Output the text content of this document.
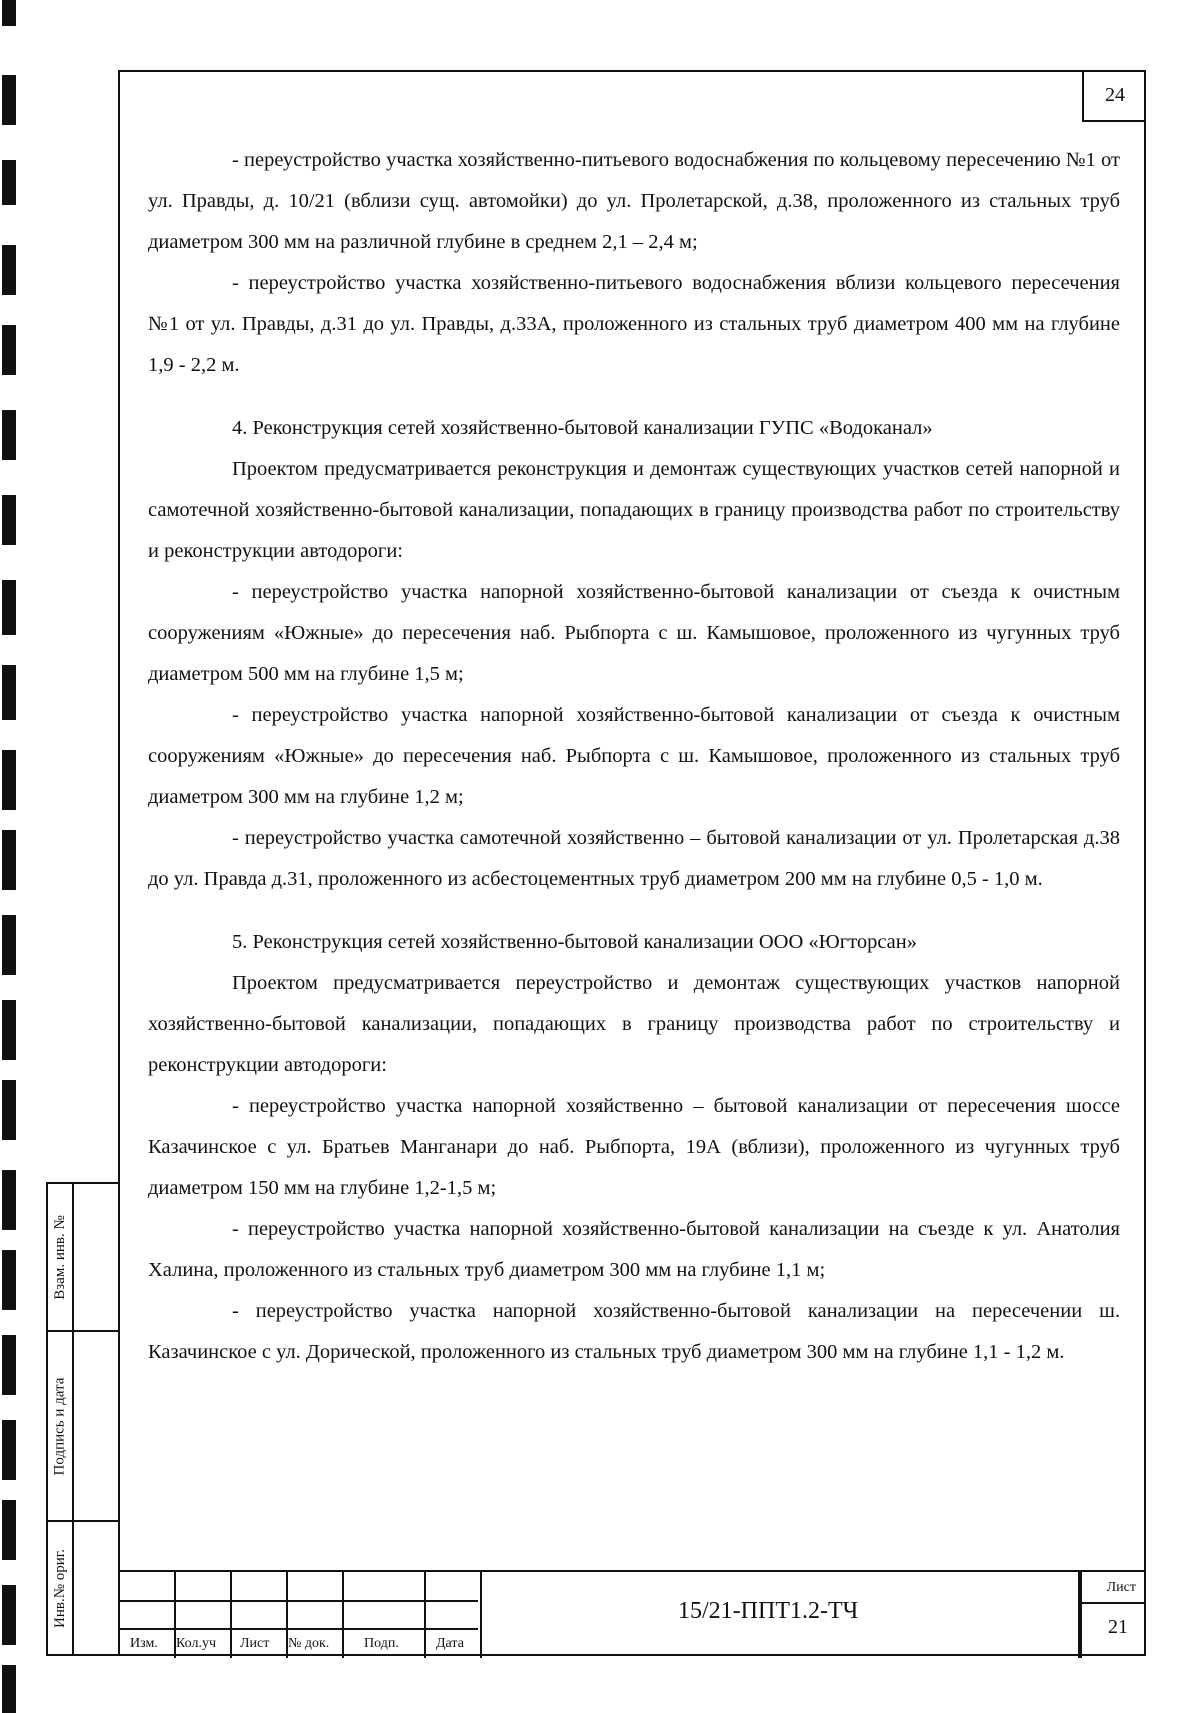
Взам. инв. №
Подпись и дата
Инв.№ ориг.
24

- переустройство участка хозяйственно-питьевого водоснабжения по кольцевому пересечению №1 от ул. Правды, д. 10/21 (вблизи сущ. автомойки) до ул. Пролетарской, д.38, проложенного из стальных труб диаметром 300 мм на различной глубине в среднем 2,1 – 2,4 м;

- переустройство участка хозяйственно-питьевого водоснабжения вблизи кольцевого пересечения №1 от ул. Правды, д.31 до ул. Правды, д.33А, проложенного из стальных труб диаметром 400 мм на глубине 1,9 - 2,2 м.

4. Реконструкция сетей хозяйственно-бытовой канализации ГУПС «Водоканал»

Проектом предусматривается реконструкция и демонтаж существующих участков сетей напорной и самотечной хозяйственно-бытовой канализации, попадающих в границу производства работ по строительству и реконструкции автодороги:

- переустройство участка напорной хозяйственно-бытовой канализации от съезда к очистным сооружениям «Южные» до пересечения наб. Рыбпорта с ш. Камышовое, проложенного из чугунных труб диаметром 500 мм на глубине 1,5 м;

- переустройство участка напорной хозяйственно-бытовой канализации от съезда к очистным сооружениям «Южные» до пересечения наб. Рыбпорта с ш. Камышовое, проложенного из стальных труб диаметром 300 мм на глубине 1,2 м;

- переустройство участка самотечной хозяйственно – бытовой канализации от ул. Пролетарская д.38 до ул. Правда д.31, проложенного из асбестоцементных труб диаметром 200 мм на глубине 0,5 - 1,0 м.

5. Реконструкция сетей хозяйственно-бытовой канализации ООО «Югторсан»

Проектом предусматривается переустройство и демонтаж существующих участков напорной хозяйственно-бытовой канализации, попадающих в границу производства работ по строительству и реконструкции автодороги:

- переустройство участка напорной хозяйственно – бытовой канализации от пересечения шоссе Казачинское с ул. Братьев Манганари до наб. Рыбпорта, 19А (вблизи), проложенного из чугунных труб диаметром 150 мм на глубине 1,2-1,5 м;

- переустройство участка напорной хозяйственно-бытовой канализации на съезде к ул. Анатолия Халина, проложенного из стальных труб диаметром 300 мм на глубине 1,1 м;

- переустройство участка напорной хозяйственно-бытовой канализации на пересечении ш. Казачинское с ул. Дорической, проложенного из стальных труб диаметром 300 мм на глубине 1,1 - 1,2 м.

Изм. Кол.уч Лист № док. Подп.	Дата
15/21-ППТ1.2-ТЧ
Лист
21
